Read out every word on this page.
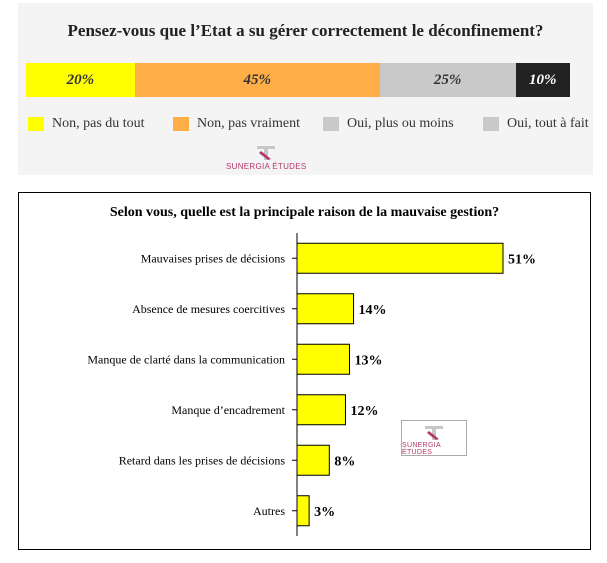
Pensez-vous que l’Etat a su gérer correctement le déconfinement?
20%	45%	25%	10%
Non, pas du tout	Non, pas vraiment	Oui, plus ou moins	Oui, tout à fait
SUNERGIA ÉTUDES
Selon vous, quelle est la principale raison de la mauvaise gestion?
Mauvaises prises de décisions	51%
Absence de mesures coercitives	14%
Manque de clarté dans la communication	13%
Manque d’encadrement	12%
Retard dans les prises de décisions	8%
Autres 3%
SUNERGIA ÉTUDES
